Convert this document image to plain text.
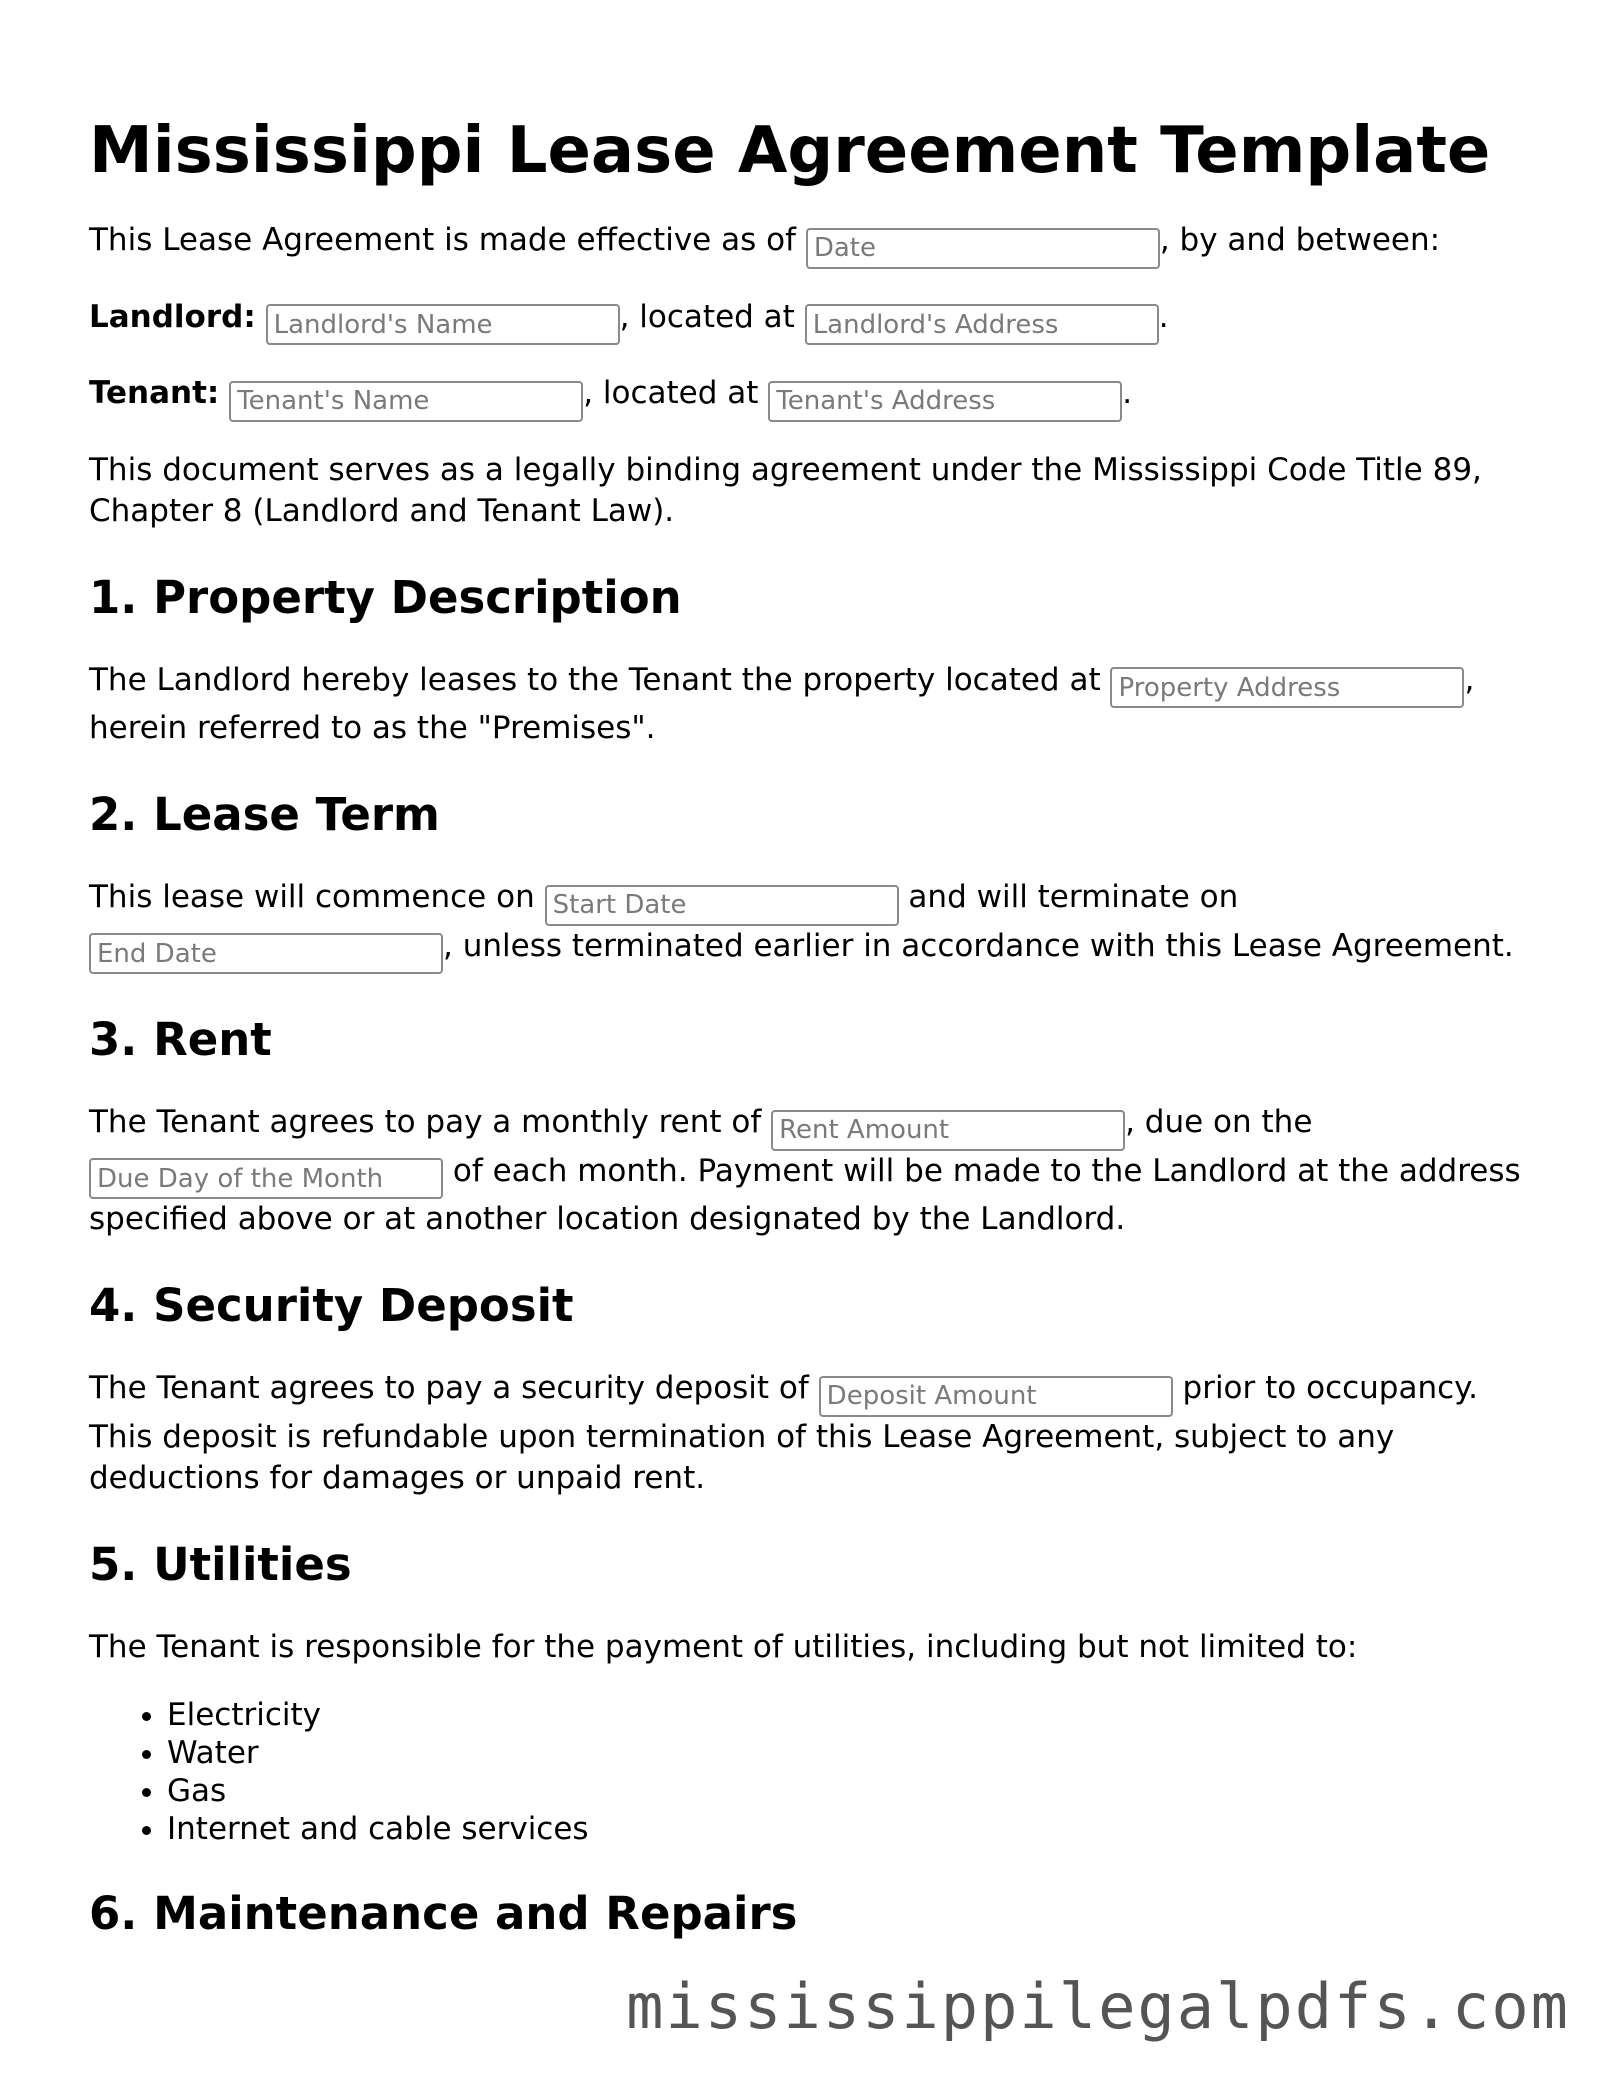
Mississippi Lease Agreement Template

This Lease Agreement is made effective as of Date	, by and between:

Landlord: Landlord's Name	, located at Landlord's Address	.

Tenant: Tenant's Name	, located at Tenant's Address	.

This document serves as a legally binding agreement under the Mississippi Code Title 89, Chapter 8 (Landlord and Tenant Law).

1. Property Description

The Landlord hereby leases to the Tenant the property located at Property Address	, herein referred to as the "Premises".

2. Lease Term

This lease will commence on Start Date	and will terminate on End Date, unless terminated earlier in accordance with this Lease Agreement.

3. Rent

The Tenant agrees to pay a monthly rent of Rent Amount	, due on the Due Day of the Month of each month. Payment will be made to the Landlord at the address specified above or at another location designated by the Landlord.

4. Security Deposit

The Tenant agrees to pay a security deposit of Deposit Amount	prior to occupancy. This deposit is refundable upon termination of this Lease Agreement, subject to any deductions for damages or unpaid rent.

5. Utilities

The Tenant is responsible for the payment of utilities, including but not limited to:

• Electricity
• Water
• Gas
• Internet and cable services
6. Maintenance and Repairs
mississippilegalpdfs.com
